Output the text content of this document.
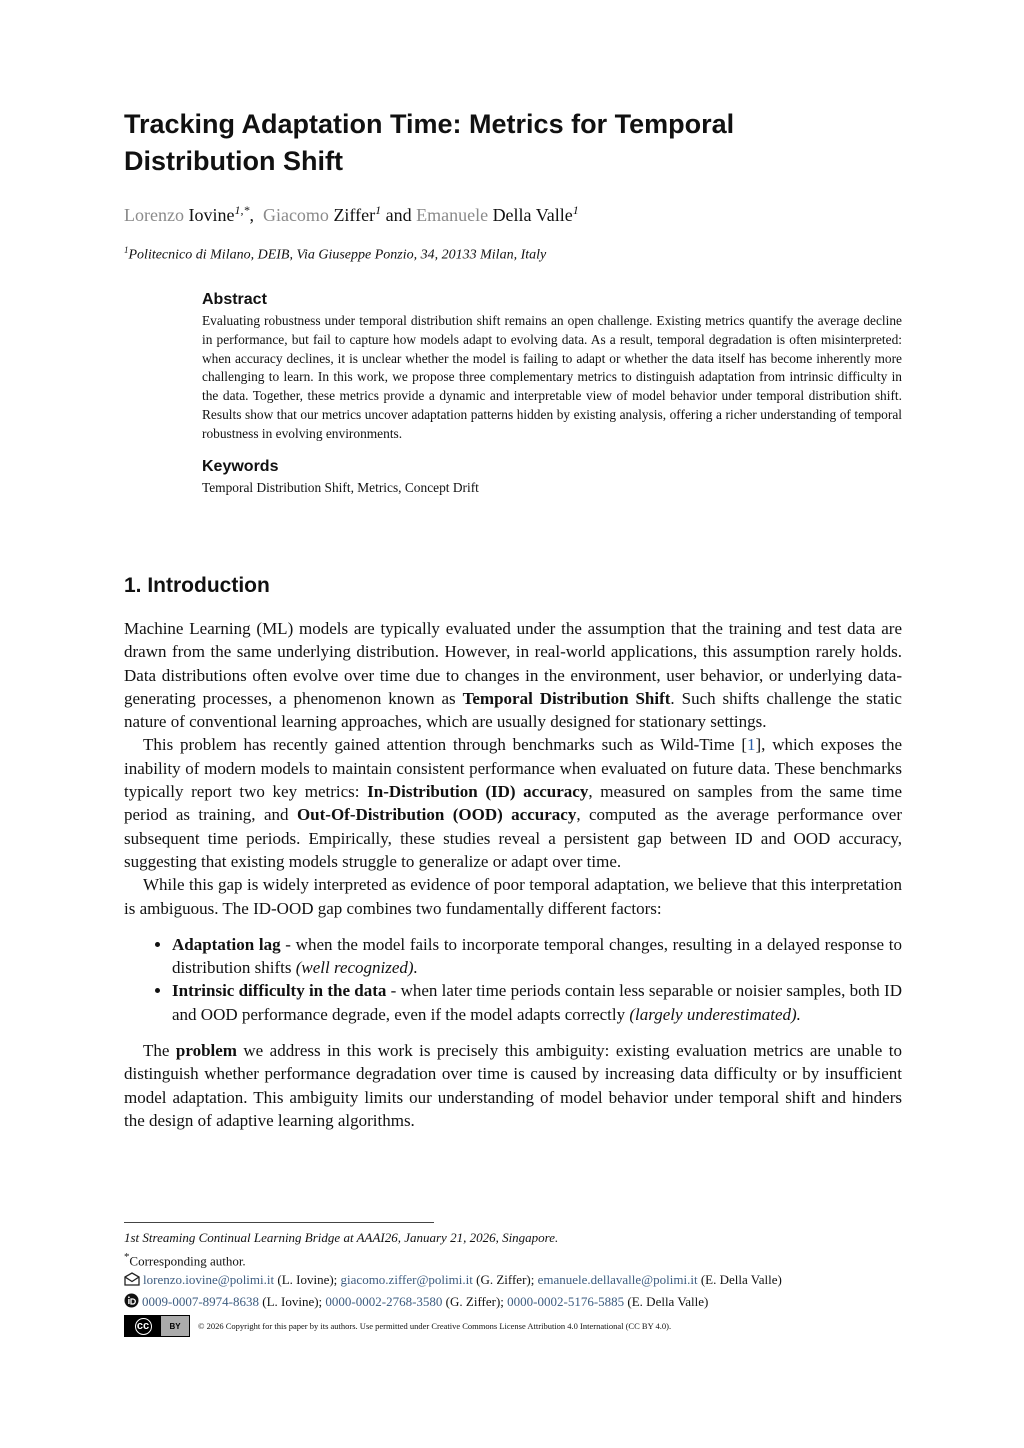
Tracking Adaptation Time: Metrics for Temporal Distribution Shift
Lorenzo Iovine$^{1,*}$,  Giacomo Ziffer$^1$ and Emanuele Della Valle$^1$
$^1$Politecnico di Milano, DEIB, Via Giuseppe Ponzio, 34, 20133 Milan, Italy

Abstract

Evaluating robustness under temporal distribution shift remains an open challenge. Existing metrics quantify the average decline in performance, but fail to capture how models adapt to evolving data. As a result, temporal degradation is often misinterpreted: when accuracy declines, it is unclear whether the model is failing to adapt or whether the data itself has become inherently more challenging to learn. In this work, we propose three complementary metrics to distinguish adaptation from intrinsic difficulty in the data. Together, these metrics provide a dynamic and interpretable view of model behavior under temporal distribution shift. Results show that our metrics uncover adaptation patterns hidden by existing analysis, offering a richer understanding of temporal robustness in evolving environments.

Keywords

Temporal Distribution Shift, Metrics, Concept Drift

1. Introduction

Machine Learning (ML) models are typically evaluated under the assumption that the training and test data are drawn from the same underlying distribution. However, in real-world applications, this assumption rarely holds. Data distributions often evolve over time due to changes in the environment, user behavior, or underlying data-generating processes, a phenomenon known as Temporal Distribution Shift. Such shifts challenge the static nature of conventional learning approaches, which are usually designed for stationary settings.

This problem has recently gained attention through benchmarks such as Wild-Time [1], which exposes the inability of modern models to maintain consistent performance when evaluated on future data. These benchmarks typically report two key metrics: In-Distribution (ID) accuracy, measured on samples from the same time period as training, and Out-Of-Distribution (OOD) accuracy, computed as the average performance over subsequent time periods. Empirically, these studies reveal a persistent gap between ID and OOD accuracy, suggesting that existing models struggle to generalize or adapt over time.

While this gap is widely interpreted as evidence of poor temporal adaptation, we believe that this interpretation is ambiguous. The ID-OOD gap combines two fundamentally different factors:

• Adaptation lag - when the model fails to incorporate temporal changes, resulting in a delayed response to distribution shifts (well recognized).
• Intrinsic difficulty in the data - when later time periods contain less separable or noisier samples, both ID and OOD performance degrade, even if the model adapts correctly (largely underestimated).

The problem we address in this work is precisely this ambiguity: existing evaluation metrics are unable to distinguish whether performance degradation over time is caused by increasing data difficulty or by insufficient model adaptation. This ambiguity limits our understanding of model behavior under temporal shift and hinders the design of adaptive learning algorithms.

1st Streaming Continual Learning Bridge at AAAI26, January 21, 2026, Singapore.
*Corresponding author.
lorenzo.iovine@polimi.it (L. Iovine); giacomo.ziffer@polimi.it (G. Ziffer); emanuele.dellavalle@polimi.it (E. Della Valle)
0009-0007-8974-8638 (L. Iovine); 0000-0002-2768-3580 (G. Ziffer); 0000-0002-5176-5885 (E. Della Valle)
cc	BY © 2026 Copyright for this paper by its authors. Use permitted under Creative Commons License Attribution 4.0 International (CC BY 4.0).
